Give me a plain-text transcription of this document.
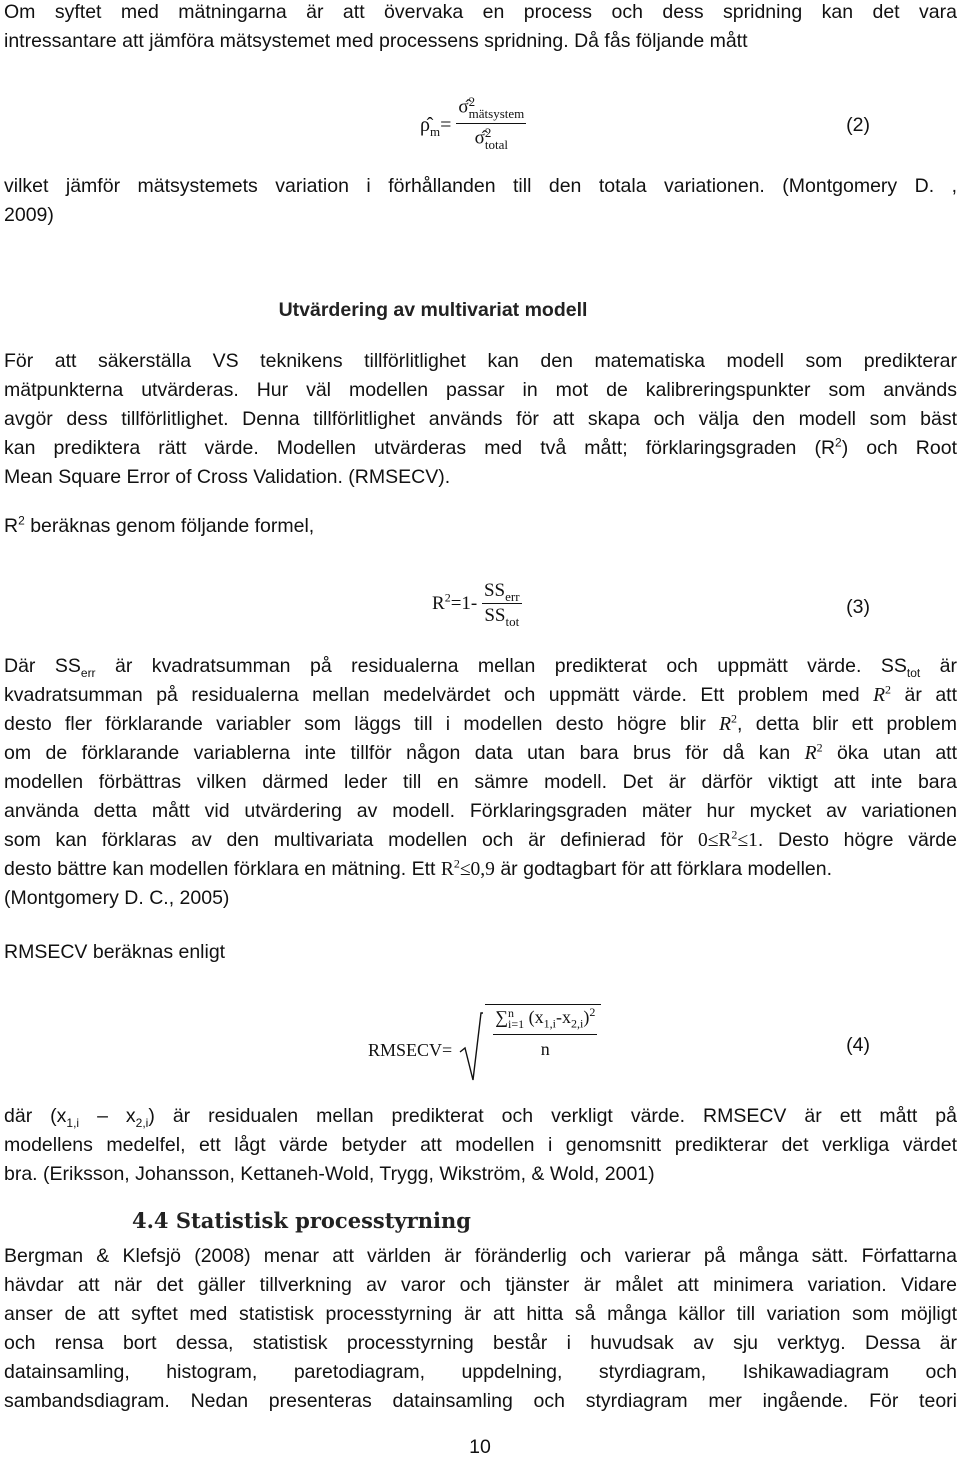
Om syftet med mätningarna är att övervaka en process och dess spridning kan det vara
intressantare att jämföra mätsystemet med processens spridning. Då fås följande mått
$\rhô_m=$ σ̂ 2
mätsystem
σ̂ 2
total	(2)
vilket jämför mätsystemets variation i förhållanden till den totala variationen. (Montgomery D. ,
2009)
Utvärdering av multivariat modell
För att säkerställa VS teknikens tillförlitlighet kan den matematiska modell som predikterar
mätpunkterna utvärderas. Hur väl modellen passar in mot de kalibreringspunkter som används
avgör dess tillförlitlighet. Denna tillförlitlighet används för att skapa och välja den modell som bäst
kan prediktera rätt värde. Modellen utvärderas med två mått; förklaringsgraden $(R^2)$ och Root
Mean Square Error of Cross Validation. (RMSECV).
$R^2$ beräknas genom följande formel,
$R^2=1- \frac{SS_{err}}{SS_{tot}}$	(3)
Där $SS_{err}$ är kvadratsumman på residualerna mellan predikterat och uppmätt värde. $SS_{tot}$ är
kvadratsumman på residualerna mellan medelvärdet och uppmätt värde. Ett problem med $R^2$ är att
desto fler förklarande variabler som läggs till i modellen desto högre blir $R^2$, detta blir ett problem
om de förklarande variablerna inte tillför någon data utan bara brus för då kan $R^2$ öka utan att
modellen förbättras vilken därmed leder till en sämre modell. Det är därför viktigt att inte bara
använda detta mått vid utvärdering av modell. Förklaringsgraden mäter hur mycket av variationen
som kan förklaras av den multivariata modellen och är definierad för $0\le R^2\le 1$. Desto högre värde
desto bättre kan modellen förklara en mätning. Ett $R^2\le 0,9$ är godtagbart för att förklara modellen.
(Montgomery D. C., 2005)
RMSECV beräknas enligt
RMSECV= ∑ n
i=1 $(x_{1,i}-x_{2,i})^2$
n	(4)
där $(x_{1,i} - x_{2,i})$ är residualen mellan predikterat och verkligt värde. RMSECV är ett mått på
modellens medelfel, ett lågt värde betyder att modellen i genomsnitt predikterar det verkliga värdet
bra. (Eriksson, Johansson, Kettaneh-Wold, Trygg, Wikström, & Wold, 2001)
4.4 Statistisk processtyrning
Bergman & Klefsjö (2008) menar att världen är föränderlig och varierar på många sätt. Författarna
hävdar att när det gäller tillverkning av varor och tjänster är målet att minimera variation. Vidare
anser de att syftet med statistisk processtyrning är att hitta så många källor till variation som möjligt
och rensa bort dessa, statistisk processtyrning består i huvudsak av sju verktyg. Dessa är
datainsamling, histogram, paretodiagram, uppdelning, styrdiagram, Ishikawadiagram och
sambandsdiagram. Nedan presenteras datainsamling och styrdiagram mer ingående. För teori
10
